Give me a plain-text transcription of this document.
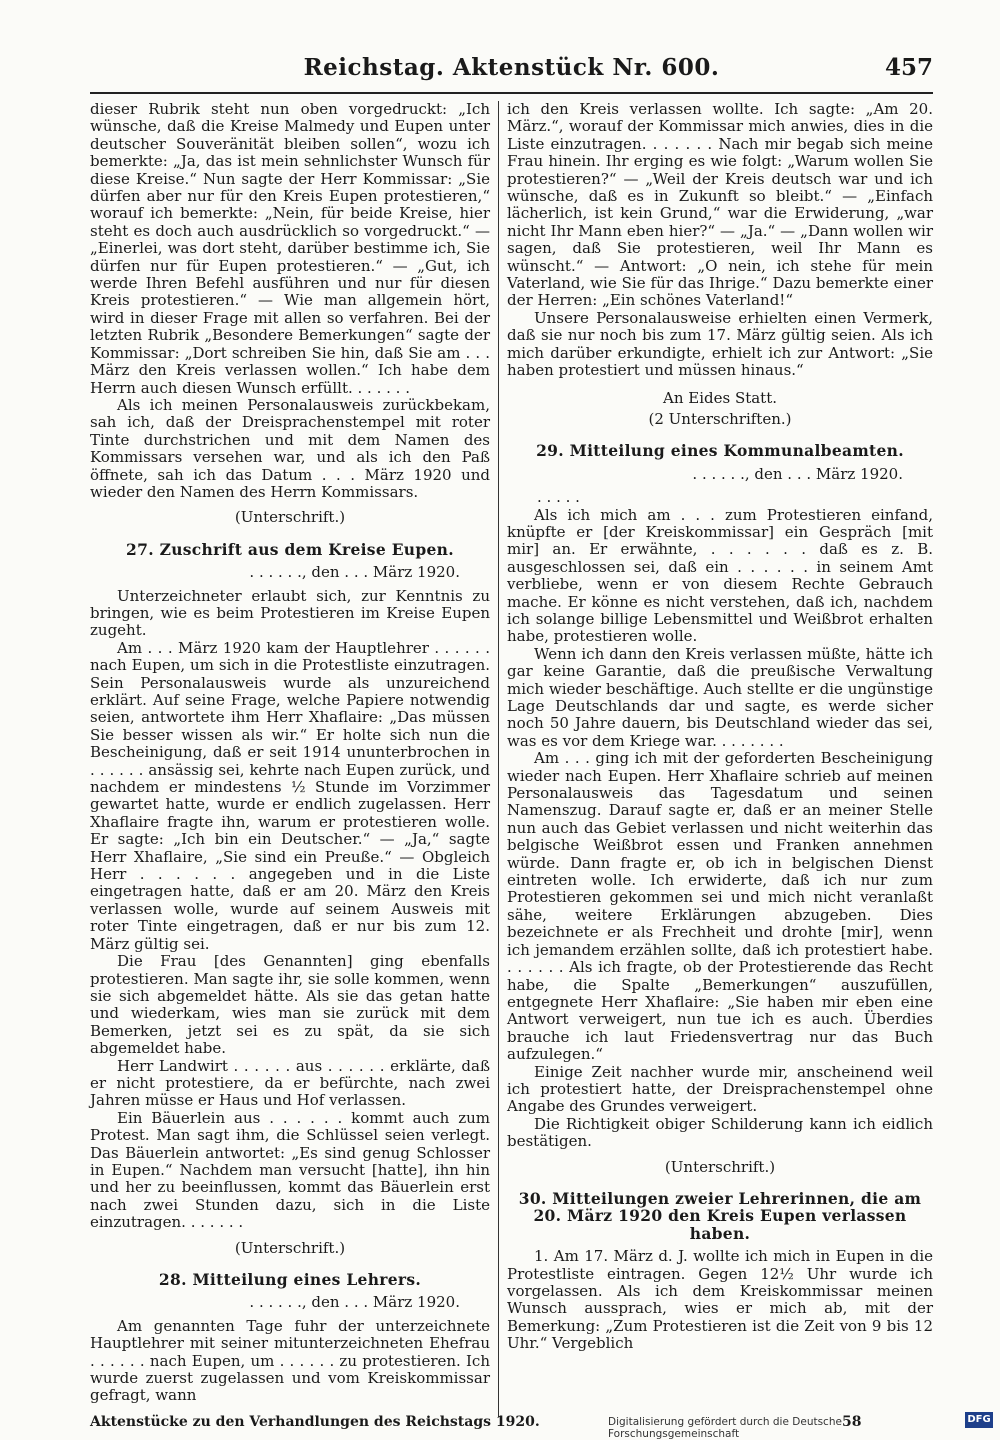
Reichstag. Aktenstück Nr. 600.	457

dieser Rubrik steht nun oben vorgedruckt: „Ich wünsche, daß die Kreise Malmedy und Eupen unter deutscher Souveränität bleiben sollen“, wozu ich bemerkte: „Ja, das ist mein sehnlichster Wunsch für diese Kreise.“ Nun sagte der Herr Kommissar: „Sie dürfen aber nur für den Kreis Eupen protestieren,“ worauf ich bemerkte: „Nein, für beide Kreise, hier steht es doch auch ausdrücklich so vorgedruckt.“ — „Einerlei, was dort steht, darüber bestimme ich, Sie dürfen nur für Eupen protestieren.“ — „Gut, ich werde Ihren Befehl ausführen und nur für diesen Kreis protestieren.“ — Wie man allgemein hört, wird in dieser Frage mit allen so verfahren. Bei der letzten Rubrik „Besondere Bemerkungen“ sagte der Kommissar: „Dort schreiben Sie hin, daß Sie am . . . März den Kreis verlassen wollen.“ Ich habe dem Herrn auch diesen Wunsch erfüllt. . . . . . .

Als ich meinen Personalausweis zurückbekam, sah ich, daß der Dreisprachenstempel mit roter Tinte durchstrichen und mit dem Namen des Kommissars versehen war, und als ich den Paß öffnete, sah ich das Datum . . . März 1920 und wieder den Namen des Herrn Kommissars.

(Unterschrift.)

27. Zuschrift aus dem Kreise Eupen.

. . . . . ., den . . . März 1920.

Unterzeichneter erlaubt sich, zur Kenntnis zu bringen, wie es beim Protestieren im Kreise Eupen zugeht.

Am . . . März 1920 kam der Hauptlehrer . . . . . . nach Eupen, um sich in die Protestliste einzutragen. Sein Personalausweis wurde als unzureichend erklärt. Auf seine Frage, welche Papiere notwendig seien, antwortete ihm Herr Xhaflaire: „Das müssen Sie besser wissen als wir.“ Er holte sich nun die Bescheinigung, daß er seit 1914 ununterbrochen in . . . . . . ansässig sei, kehrte nach Eupen zurück, und nachdem er mindestens ½ Stunde im Vorzimmer gewartet hatte, wurde er endlich zugelassen. Herr Xhaflaire fragte ihn, warum er protestieren wolle. Er sagte: „Ich bin ein Deutscher.“ — „Ja,“ sagte Herr Xhaflaire, „Sie sind ein Preuße.“ — Obgleich Herr . . . . . . angegeben und in die Liste eingetragen hatte, daß er am 20. März den Kreis verlassen wolle, wurde auf seinem Ausweis mit roter Tinte eingetragen, daß er nur bis zum 12. März gültig sei.

Die Frau [des Genannten] ging ebenfalls protestieren. Man sagte ihr, sie solle kommen, wenn sie sich abgemeldet hätte. Als sie das getan hatte und wiederkam, wies man sie zurück mit dem Bemerken, jetzt sei es zu spät, da sie sich abgemeldet habe.

Herr Landwirt . . . . . . aus . . . . . . erklärte, daß er nicht protestiere, da er befürchte, nach zwei Jahren müsse er Haus und Hof verlassen.

Ein Bäuerlein aus . . . . . . kommt auch zum Protest. Man sagt ihm, die Schlüssel seien verlegt. Das Bäuerlein antwortet: „Es sind genug Schlosser in Eupen.“ Nachdem man versucht [hatte], ihn hin und her zu beeinflussen, kommt das Bäuerlein erst nach zwei Stunden dazu, sich in die Liste einzutragen. . . . . . .

(Unterschrift.)

28. Mitteilung eines Lehrers.

. . . . . ., den . . . März 1920.

Am genannten Tage fuhr der unterzeichnete Hauptlehrer mit seiner mitunterzeichneten Ehefrau . . . . . . nach Eupen, um . . . . . . zu protestieren. Ich wurde zuerst zugelassen und vom Kreiskommissar gefragt, wann

ich den Kreis verlassen wollte. Ich sagte: „Am 20. März.“, worauf der Kommissar mich anwies, dies in die Liste einzutragen. . . . . . . Nach mir begab sich meine Frau hinein. Ihr erging es wie folgt: „Warum wollen Sie protestieren?“ — „Weil der Kreis deutsch war und ich wünsche, daß es in Zukunft so bleibt.“ — „Einfach lächerlich, ist kein Grund,“ war die Erwiderung, „war nicht Ihr Mann eben hier?“ — „Ja.“ — „Dann wollen wir sagen, daß Sie protestieren, weil Ihr Mann es wünscht.“ — Antwort: „O nein, ich stehe für mein Vaterland, wie Sie für das Ihrige.“ Dazu bemerkte einer der Herren: „Ein schönes Vaterland!“

Unsere Personalausweise erhielten einen Vermerk, daß sie nur noch bis zum 17. März gültig seien. Als ich mich darüber erkundigte, erhielt ich zur Antwort: „Sie haben protestiert und müssen hinaus.“

An Eides Statt.

(2 Unterschriften.)

29. Mitteilung eines Kommunalbeamten.

. . . . . ., den . . . März 1920.

. . . . .

Als ich mich am . . . zum Protestieren einfand, knüpfte er [der Kreiskommissar] ein Gespräch [mit mir] an. Er erwähnte, . . . . . . daß es z. B. ausgeschlossen sei, daß ein . . . . . . in seinem Amt verbliebe, wenn er von diesem Rechte Gebrauch mache. Er könne es nicht verstehen, daß ich, nachdem ich solange billige Lebensmittel und Weißbrot erhalten habe, protestieren wolle.

Wenn ich dann den Kreis verlassen müßte, hätte ich gar keine Garantie, daß die preußische Verwaltung mich wieder beschäftige. Auch stellte er die ungünstige Lage Deutschlands dar und sagte, es werde sicher noch 50 Jahre dauern, bis Deutschland wieder das sei, was es vor dem Kriege war. . . . . . . .

Am . . . ging ich mit der geforderten Bescheinigung wieder nach Eupen. Herr Xhaflaire schrieb auf meinen Personalausweis das Tagesdatum und seinen Namenszug. Darauf sagte er, daß er an meiner Stelle nun auch das Gebiet verlassen und nicht weiterhin das belgische Weißbrot essen und Franken annehmen würde. Dann fragte er, ob ich in belgischen Dienst eintreten wolle. Ich erwiderte, daß ich nur zum Protestieren gekommen sei und mich nicht veranlaßt sähe, weitere Erklärungen abzugeben. Dies bezeichnete er als Frechheit und drohte [mir], wenn ich jemandem erzählen sollte, daß ich protestiert habe. . . . . . . Als ich fragte, ob der Protestierende das Recht habe, die Spalte „Bemerkungen“ auszufüllen, entgegnete Herr Xhaflaire: „Sie haben mir eben eine Antwort verweigert, nun tue ich es auch. Überdies brauche ich laut Friedensvertrag nur das Buch aufzulegen.“

Einige Zeit nachher wurde mir, anscheinend weil ich protestiert hatte, der Dreisprachenstempel ohne Angabe des Grundes verweigert.

Die Richtigkeit obiger Schilderung kann ich eidlich bestätigen.

(Unterschrift.)

30. Mitteilungen zweier Lehrerinnen, die am 20. März 1920 den Kreis Eupen verlassen haben.

1. Am 17. März d. J. wollte ich mich in Eupen in die Protestliste eintragen. Gegen 12½ Uhr wurde ich vorgelassen. Als ich dem Kreiskommissar meinen Wunsch aussprach, wies er mich ab, mit der Bemerkung: „Zum Protestieren ist die Zeit von 9 bis 12 Uhr.“ Vergeblich

Aktenstücke zu den Verhandlungen des Reichstags 1920.	58
Digitalisierung gefördert durch die Deutsche Forschungsgemeinschaft
DFG
